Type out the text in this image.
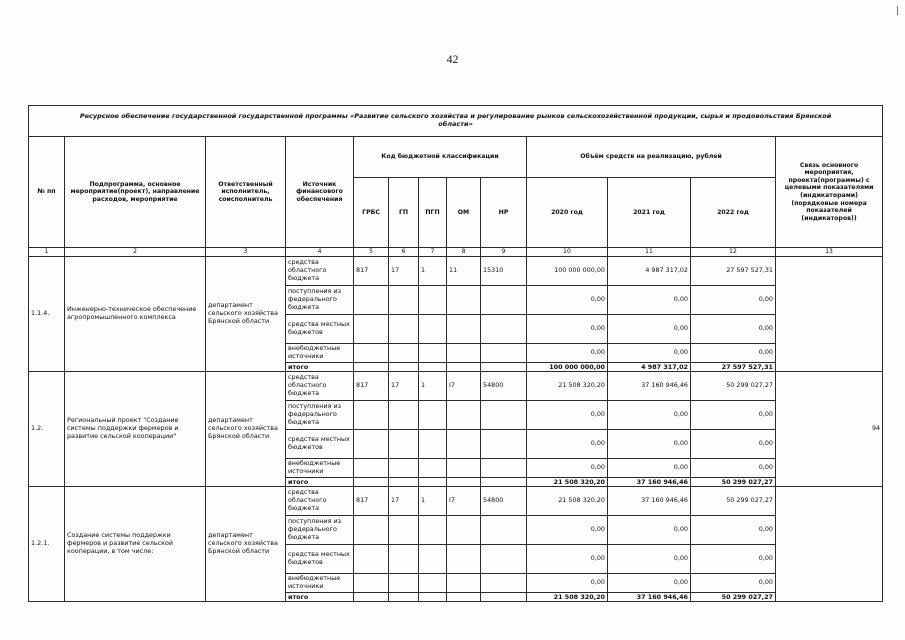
42
Ресурсное обеспечение государственной государственной программы «Развитие сельского хозяйства и регулирование рынков сельскохозяйственной продукции, сырья и продовольствия Брянской области»												
№ пп	Подпрограмма, основное мероприятие(проект), направление расходов, мероприятие	Ответственный исполнитель, соисполнитель	Источник финансового обеспечения	Код бюджетной классификации					Объём средств на реализацию, рублей			Связь основного мероприятия, проекта(программы) с целевыми показателями (индикаторами) (порядковые номера показателей (индикаторов))
				ГРБС	ГП	ПГП	ОМ	НР	2020 год	2021 год	2022 год	
1	2	3	4	5	6	7	8	9	10	11	12	13
1.1.4.	Инженерно-техническое обеспечение агропромышленного комплекса	департамент сельского хозяйства Брянской области	средства областного бюджета	817	17	1	11	15310	100 000 000,00	4 987 317,02	27 597 527,31	
			поступления из федерального бюджета						0,00	0,00	0,00	
			средства местных бюджетов						0,00	0,00	0,00	
			внебюджетные источники						0,00	0,00	0,00	
			итого						100 000 000,00	4 987 317,02	27 597 527,31	
1.2.	Региональный проект "Создание системы поддержки фермеров и развитие сельской кооперации"	департамент сельского хозяйства Брянской области	средства областного бюджета	817	17	1	I7	54800	21 508 320,20	37 160 946,46	50 299 027,27	94
			поступления из федерального бюджета						0,00	0,00	0,00	
			средства местных бюджетов						0,00	0,00	0,00	
			внебюджетные источники						0,00	0,00	0,00	
			итого						21 508 320,20	37 160 946,46	50 299 027,27	
1.2.1.	Создание системы поддержки фермеров и развитие сельской кооперации, в том числе:	департамент сельского хозяйства Брянской области	средства областного бюджета	817	17	1	I7	54800	21 508 320,20	37 160 946,46	50 299 027,27	
			поступления из федерального бюджета						0,00	0,00	0,00	
			средства местных бюджетов						0,00	0,00	0,00	
			внебюджетные источники						0,00	0,00	0,00	
			итого						21 508 320,20	37 160 946,46	50 299 027,27	
